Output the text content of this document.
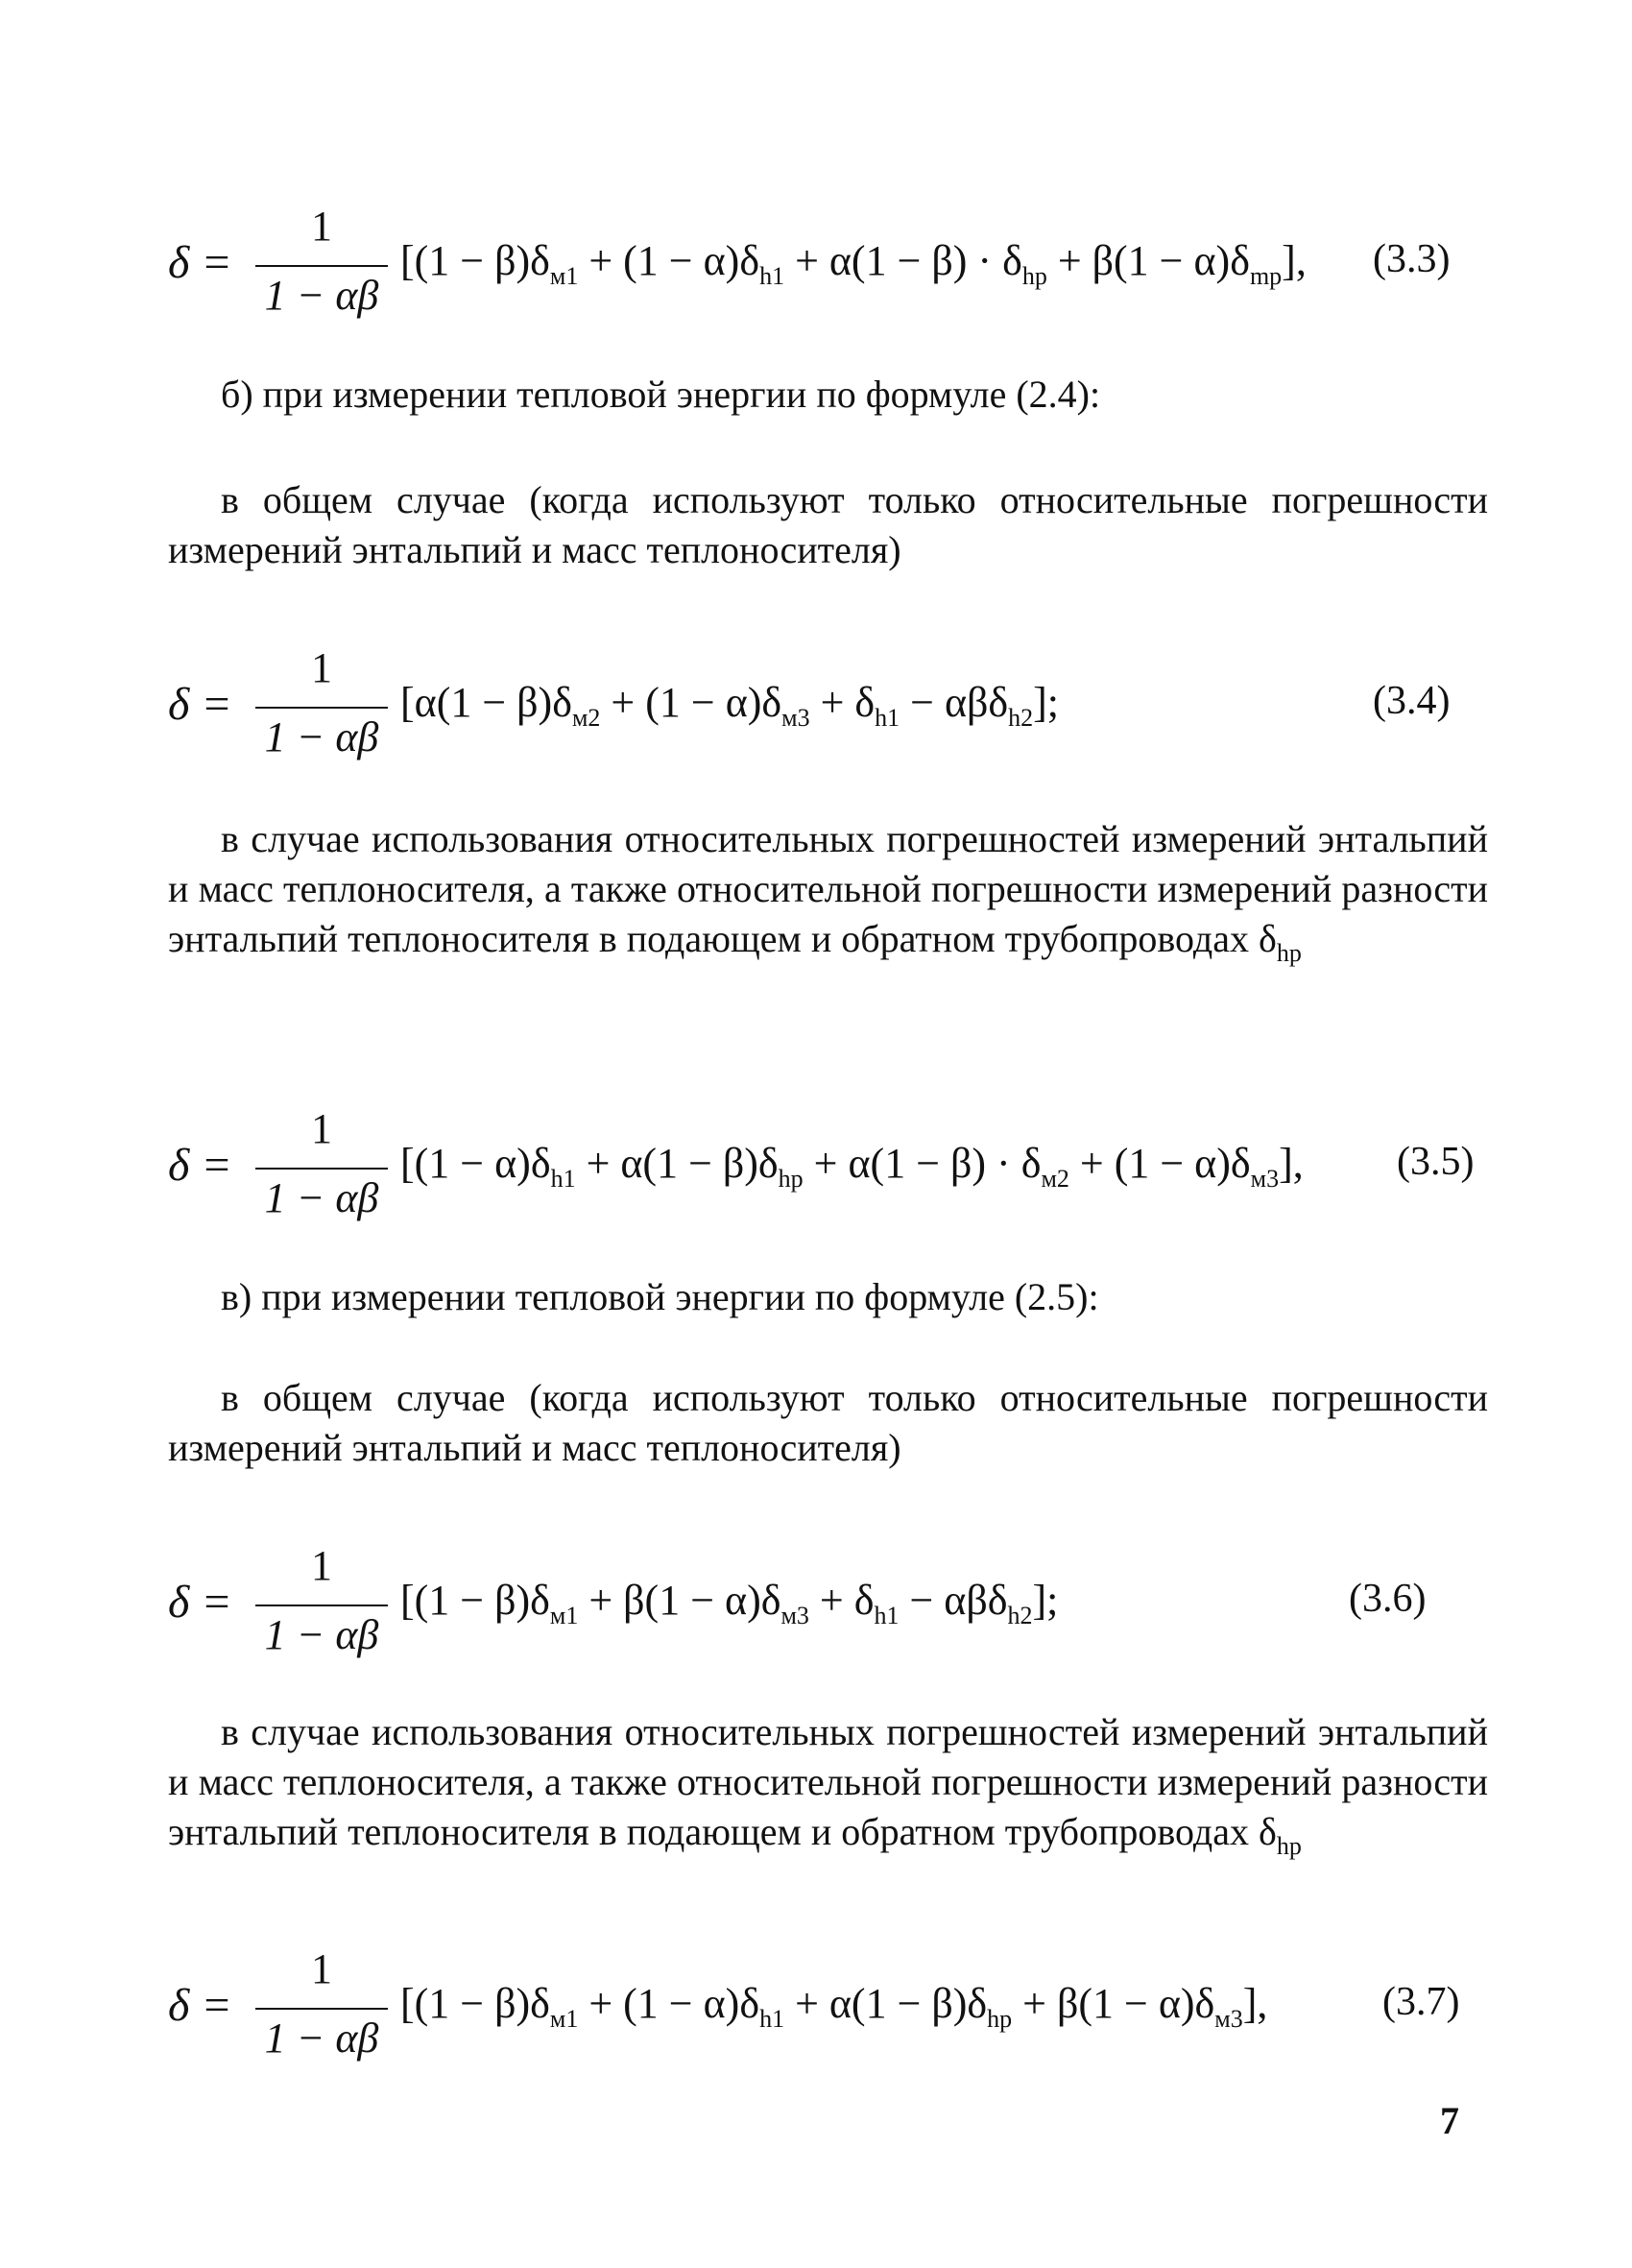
δ =
1
1 − αβ
$[(1 - \beta)\delta_{м1} + (1 - \alpha)\delta_{h1} + \alpha(1 - \beta) \cdot \delta_{hp} + \beta(1 - \alpha)\delta_{mp}]$, (3.3)
б) при измерении тепловой энергии по формуле (2.4):
в общем случае (когда используют только относительные погрешности измерений энтальпий и масс теплоносителя)
δ =
1
1 − αβ
$[\alpha(1 - \beta)\delta_{м2} + (1 - \alpha)\delta_{м3} + \delta_{h1} - \alpha\beta\delta_{h2}]$;	(3.4)
в случае использования относительных погрешностей измерений энтальпий и масс теплоносителя, а также относительной погрешности измерений разности энтальпий теплоносителя в подающем и обратном трубопроводах $\delta_{hp}$
δ =
1
1 − αβ
$[(1 - \alpha)\delta_{h1} + \alpha(1 - \beta)\delta_{hp} + \alpha(1 - \beta) \cdot \delta_{м2} + (1 - \alpha)\delta_{м3}]$, (3.5)
в) при измерении тепловой энергии по формуле (2.5):
в общем случае (когда используют только относительные погрешности измерений энтальпий и масс теплоносителя)
δ =
1
1 − αβ
$[(1 - \beta)\delta_{м1} + \beta(1 - \alpha)\delta_{м3} + \delta_{h1} - \alpha\beta\delta_{h2}]$;	(3.6)
в случае использования относительных погрешностей измерений энтальпий и масс теплоносителя, а также относительной погрешности измерений разности энтальпий теплоносителя в подающем и обратном трубопроводах $\delta_{hp}$
δ =
1
1 − αβ
$[(1 - \beta)\delta_{м1} + (1 - \alpha)\delta_{h1} + \alpha(1 - \beta)\delta_{hp} + \beta(1 - \alpha)\delta_{м3}]$,	(3.7)
7
